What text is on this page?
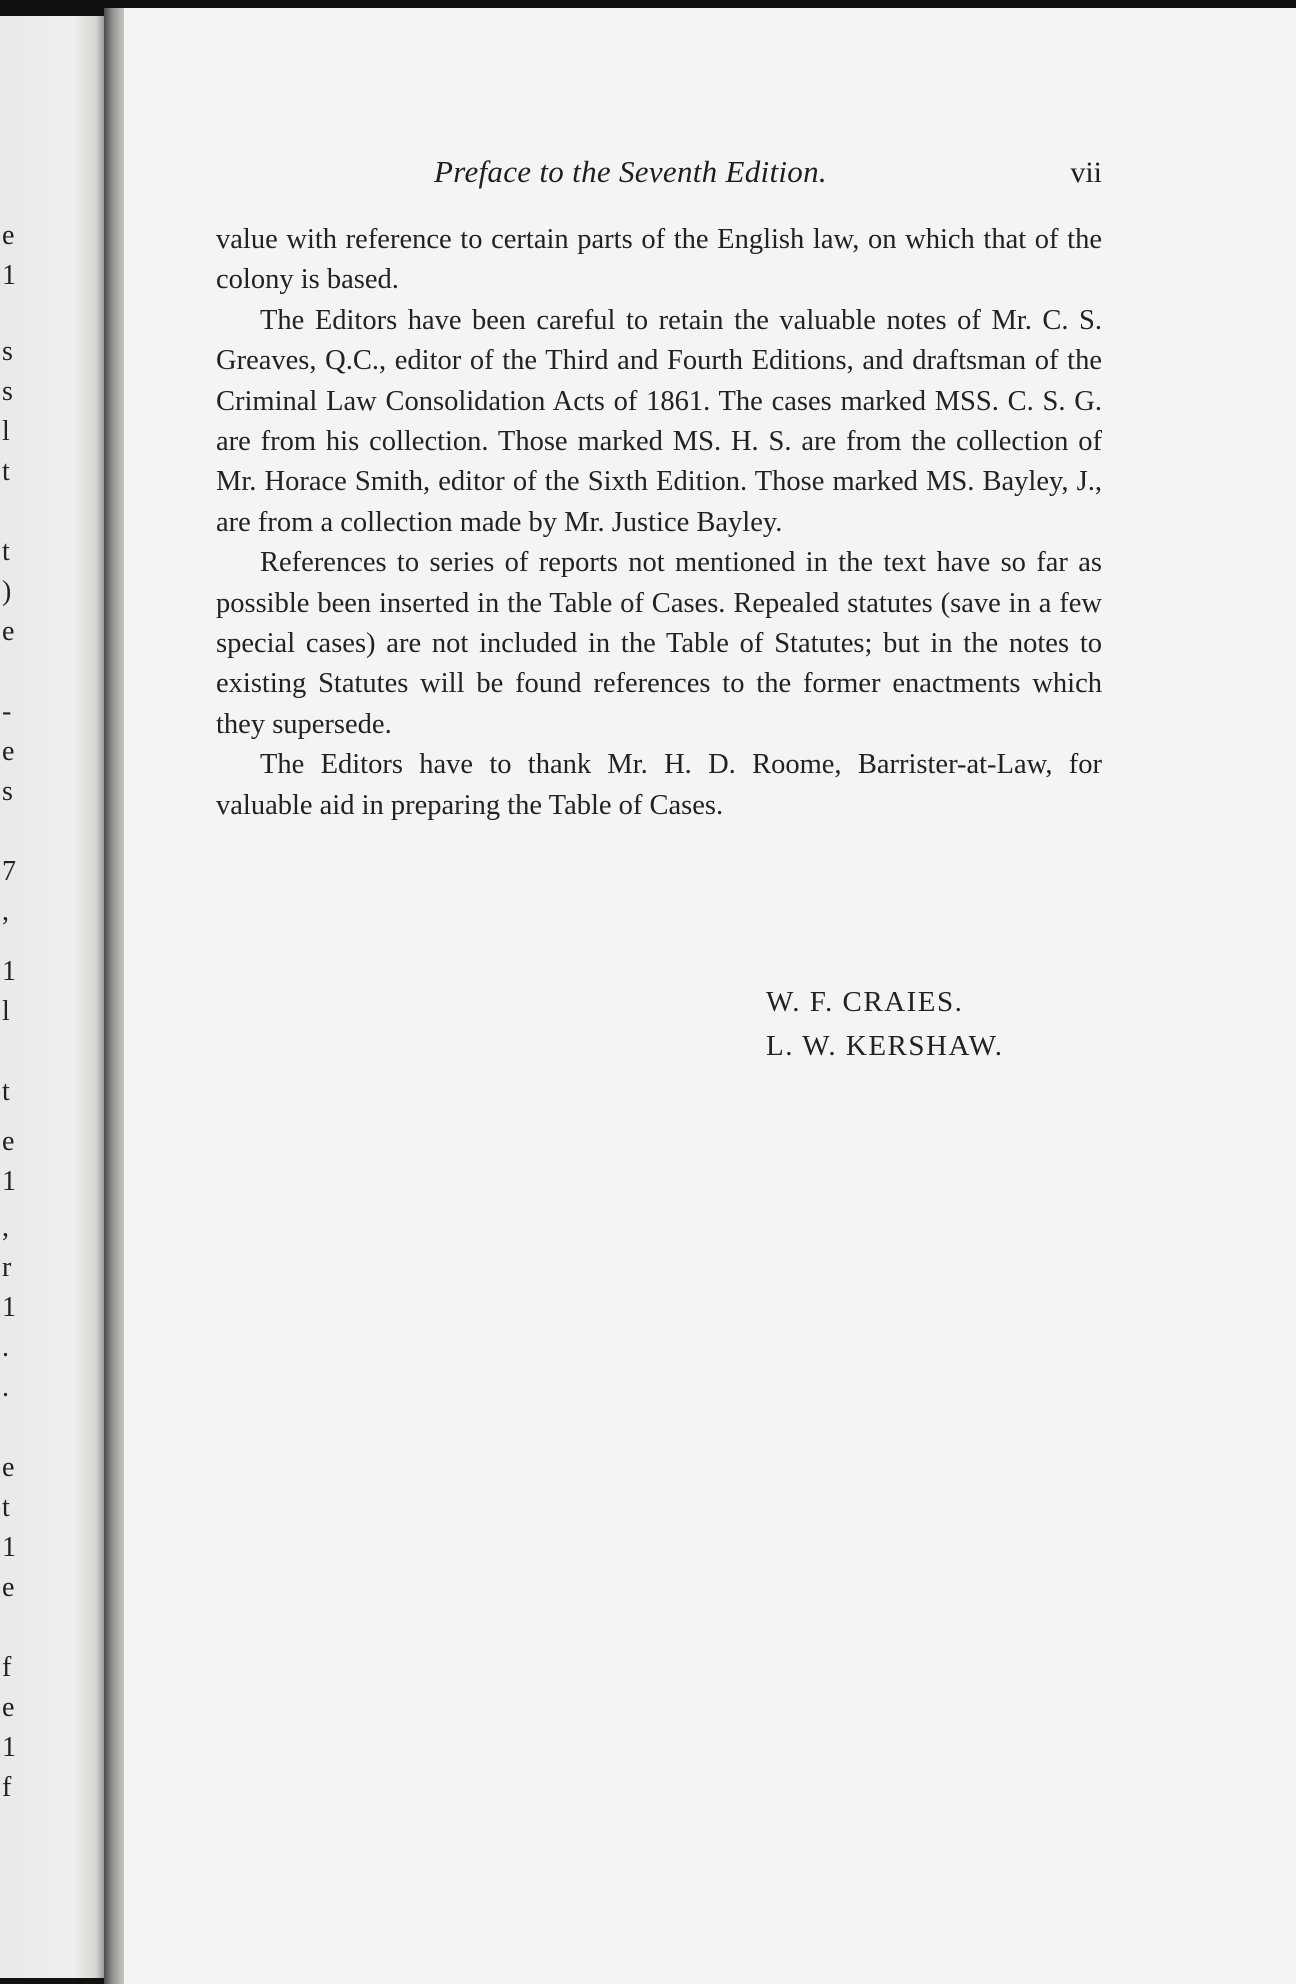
e
1
s
s
l
t
t
)
e
-
e
s
7
,
1
l
t
e
1
,
r
1
.
.
e
t
1
e
f
e
1
f
Preface to the Seventh Edition.	vii

value with reference to certain parts of the English law, on which that of the colony is based.

The Editors have been careful to retain the valuable notes of Mr. C. S. Greaves, Q.C., editor of the Third and Fourth Editions, and draftsman of the Criminal Law Consolidation Acts of 1861. The cases marked MSS. C. S. G. are from his collection. Those marked MS. H. S. are from the collection of Mr. Horace Smith, editor of the Sixth Edition. Those marked MS. Bayley, J., are from a collection made by Mr. Justice Bayley.

References to series of reports not mentioned in the text have so far as possible been inserted in the Table of Cases. Repealed statutes (save in a few special cases) are not included in the Table of Statutes; but in the notes to existing Statutes will be found references to the former enactments which they supersede.

The Editors have to thank Mr. H. D. Roome, Barrister-at-Law, for valuable aid in preparing the Table of Cases.

W. F. CRAIES.
L. W. KERSHAW.
